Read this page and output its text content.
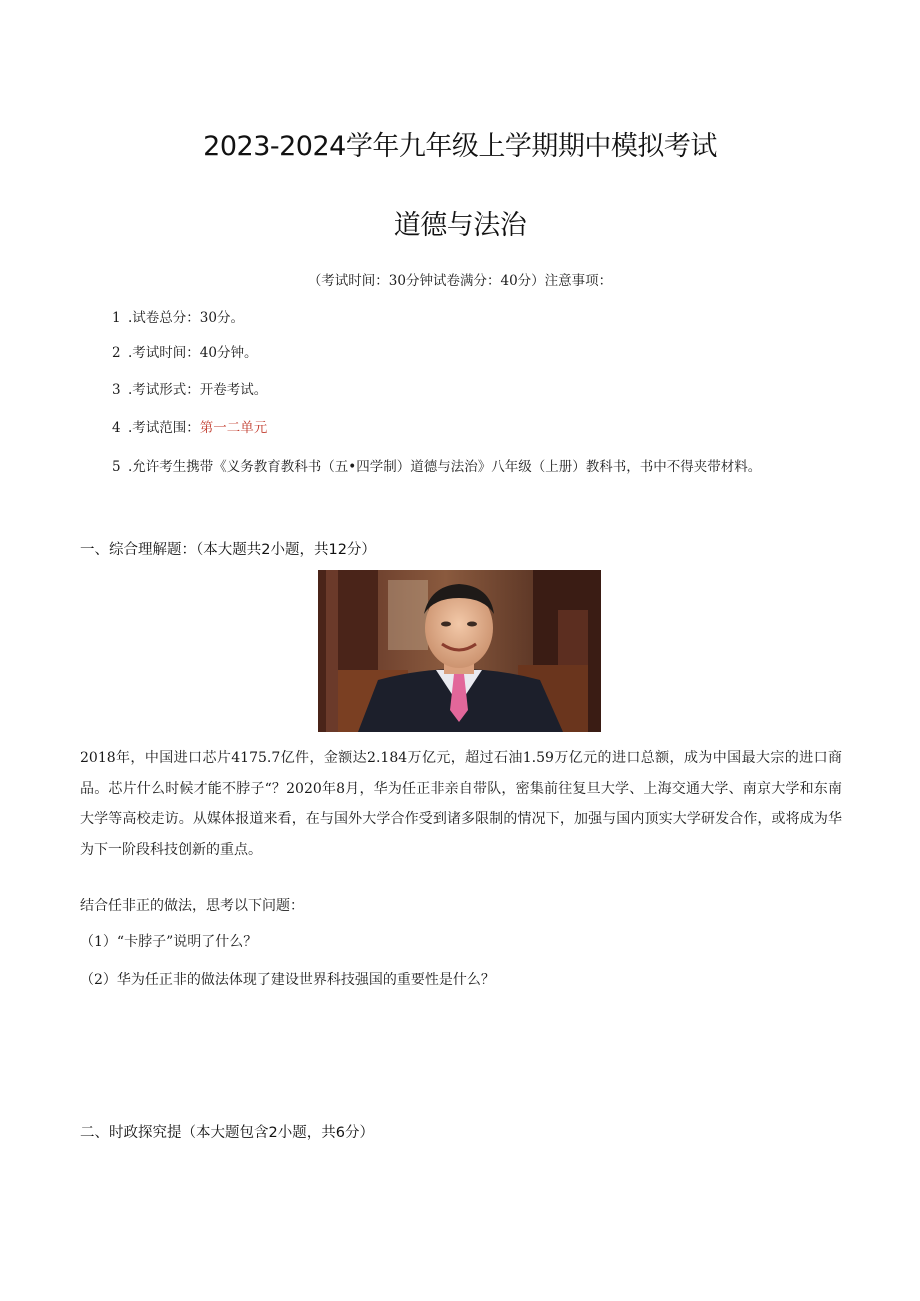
2023-2024学年九年级上学期期中模拟考试
道德与法治
（考试时间：30分钟试卷满分：40分）注意事项：
1 .试卷总分：30分。
2 .考试时间：40分钟。
3 .考试形式：开卷考试。
4 .考试范围：第一二单元
5 .允许考生携带《义务教育教科书（五•四学制）道德与法治》八年级（上册）教科书，书中不得夹带材料。
一、综合理解题：（本大题共2小题，共12分）
2018年，中国进口芯片4175.7亿件，金额达2.184万亿元，超过石油1.59万亿元的进口总额，成为中国最大宗的进口商品。芯片什么时候才能不脖子“？2020年8月，华为任正非亲自带队，密集前往复旦大学、上海交通大学、南京大学和东南大学等高校走访。从媒体报道来看，在与国外大学合作受到诸多限制的情况下，加强与国内顶实大学研发合作，或将成为华为下一阶段科技创新的重点。
结合任非正的做法，思考以下问题：
（1）“卡脖子”说明了什么？
（2）华为任正非的做法体现了建设世界科技强国的重要性是什么？
二、时政探究提（本大题包含2小题，共6分）
